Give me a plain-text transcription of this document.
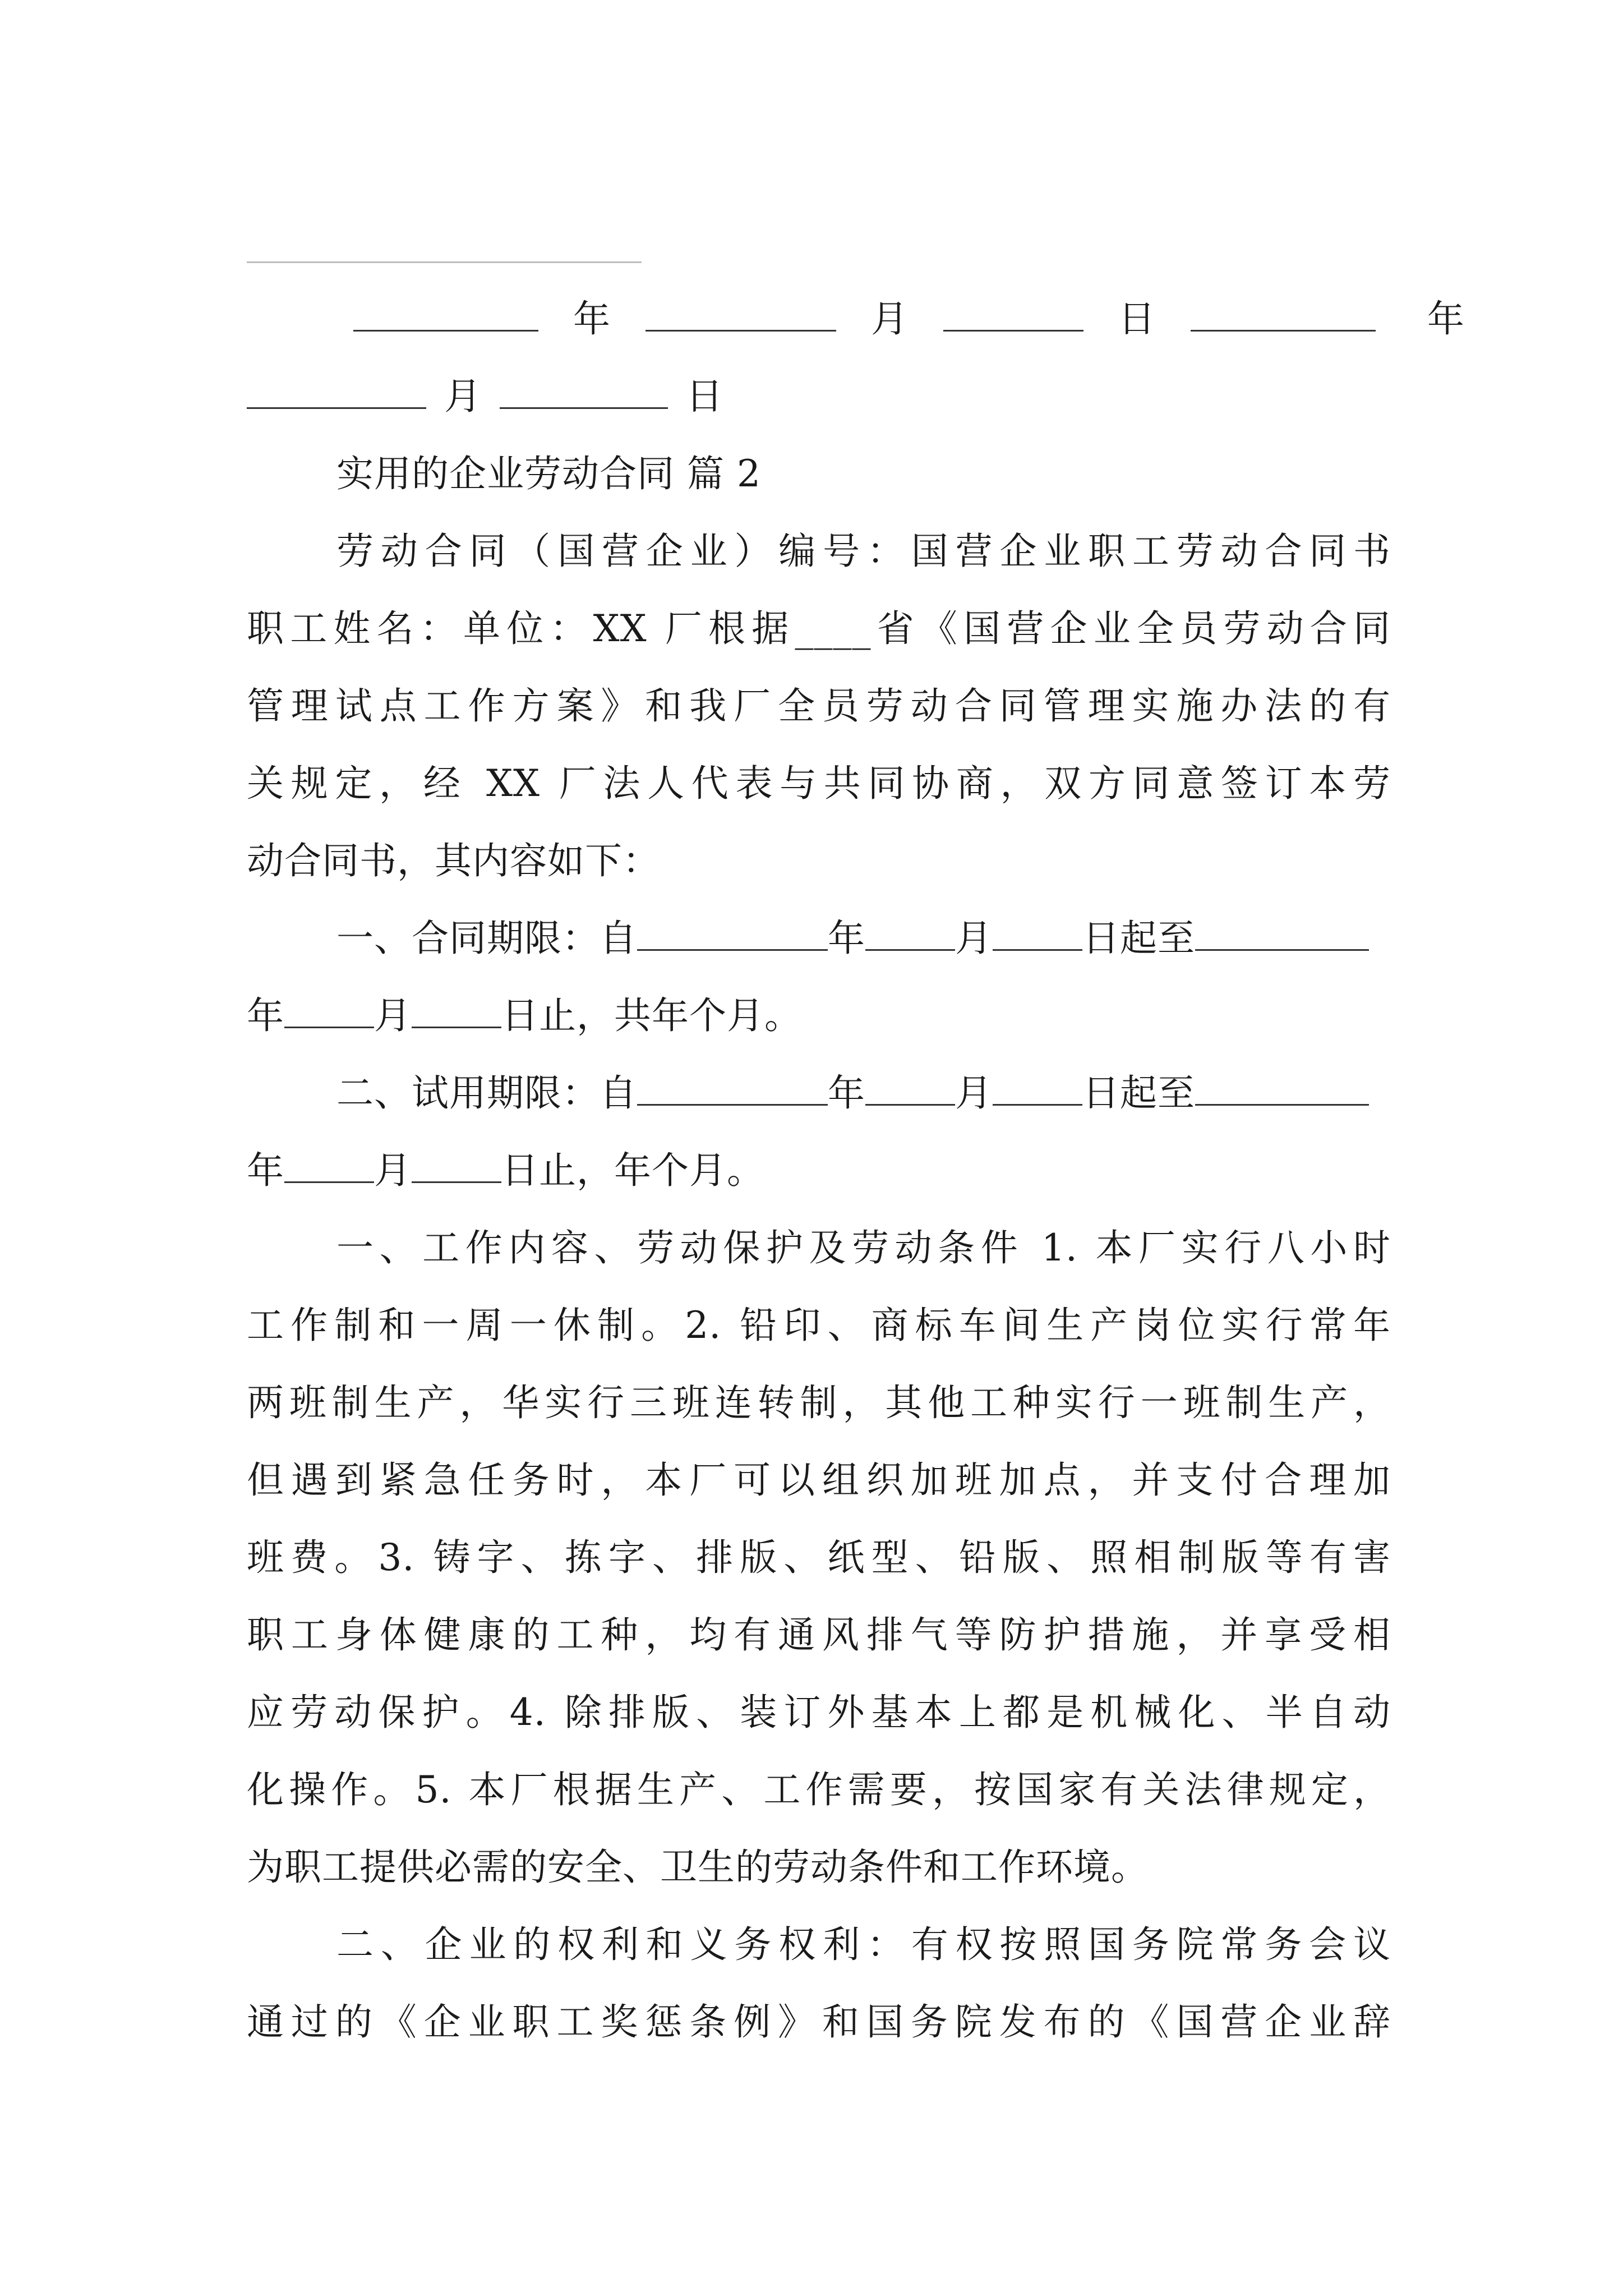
年	月	日	年
月	日
实用的企业劳动合同 篇 2
劳动合同（国营企业）编号：国营企业职工劳动合同书
职工姓名：单位：XX 厂根据____省《国营企业全员劳动合同
管理试点工作方案》和我厂全员劳动合同管理实施办法的有
关规定，经 XX 厂法人代表与共同协商，双方同意签订本劳
动合同书，其内容如下：
一、合同期限：自	年 月 日起至
年 月 日止，共年个月。
二、试用期限：自	年 月 日起至
年 月 日止，年个月。
一、工作内容、劳动保护及劳动条件 1. 本厂实行八小时
工作制和一周一休制。2. 铅印、商标车间生产岗位实行常年
两班制生产，华实行三班连转制，其他工种实行一班制生产，
但遇到紧急任务时，本厂可以组织加班加点，并支付合理加
班费。3. 铸字、拣字、排版、纸型、铅版、照相制版等有害
职工身体健康的工种，均有通风排气等防护措施，并享受相
应劳动保护。4. 除排版、装订外基本上都是机械化、半自动
化操作。5. 本厂根据生产、工作需要，按国家有关法律规定，
为职工提供必需的安全、卫生的劳动条件和工作环境。
二、企业的权利和义务权利：有权按照国务院常务会议
通过的《企业职工奖惩条例》和国务院发布的《国营企业辞
